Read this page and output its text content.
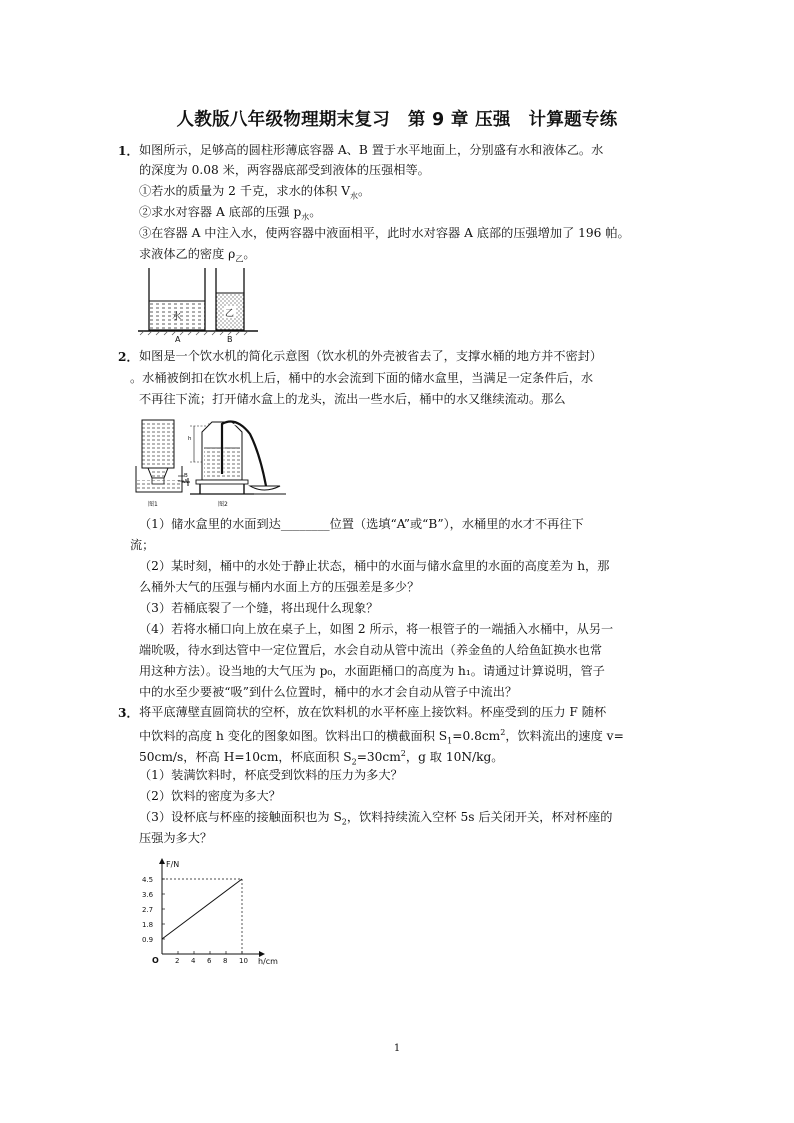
人教版八年级物理期末复习　第 9 章 压强　计算题专练
1． 如图所示，足够高的圆柱形薄底容器 A、B 置于水平地面上，分别盛有水和液体乙。水
的深度为 0.08 米，两容器底部受到液体的压强相等。
①若水的质量为 2 千克，求水的体积 $V_水$。
②求水对容器 A 底部的压强 $p_水$。
③在容器 A 中注入水，使两容器中液面相平，此时水对容器 A 底部的压强增加了 196 帕。
求液体乙的密度 $\rho_乙$。
水	乙
A	B
2． 如图是一个饮水机的简化示意图（饮水机的外壳被省去了，支撑水桶的地方并不密封）
。水桶被倒扣在饮水机上后，桶中的水会流到下面的储水盒里，当满足一定条件后，水
不再往下流；打开储水盒上的龙头，流出一些水后，桶中的水又继续流动。那么
B
A
图1
h
图2
（1）储水盒里的水面到达________位置（选填“A”或“B”），水桶里的水才不再往下
流；
（2）某时刻，桶中的水处于静止状态，桶中的水面与储水盒里的水面的高度差为 h，那
么桶外大气的压强与桶内水面上方的压强差是多少？
（3）若桶底裂了一个缝，将出现什么现象？
（4）若将水桶口向上放在桌子上，如图 2 所示，将一根管子的一端插入水桶中，从另一
端吮吸，待水到达管中一定位置后，水会自动从管中流出（养金鱼的人给鱼缸换水也常
用这种方法）。设当地的大气压为 p₀，水面距桶口的高度为 h₁。请通过计算说明，管子
中的水至少要被“吸”到什么位置时，桶中的水才会自动从管子中流出？
3． 将平底薄壁直圆筒状的空杯，放在饮料机的水平杯座上接饮料。杯座受到的压力 F 随杯
中饮料的高度 h 变化的图象如图。饮料出口的横截面积 $S_1=0.8cm^2$，饮料流出的速度 v=
50cm/s，杯高 H=10cm，杯底面积 $S_2=30cm^2$，g 取 10N/kg。
（1）装满饮料时，杯底受到饮料的压力为多大？
（2）饮料的密度为多大？
（3）设杯底与杯座的接触面积也为 $S_2$，饮料持续流入空杯 5s 后关闭开关，杯对杯座的
压强为多大？
2 4 6 8 10
0.9
1.8
2.7
3.6
4.5
F/N
h/cm
O
1
